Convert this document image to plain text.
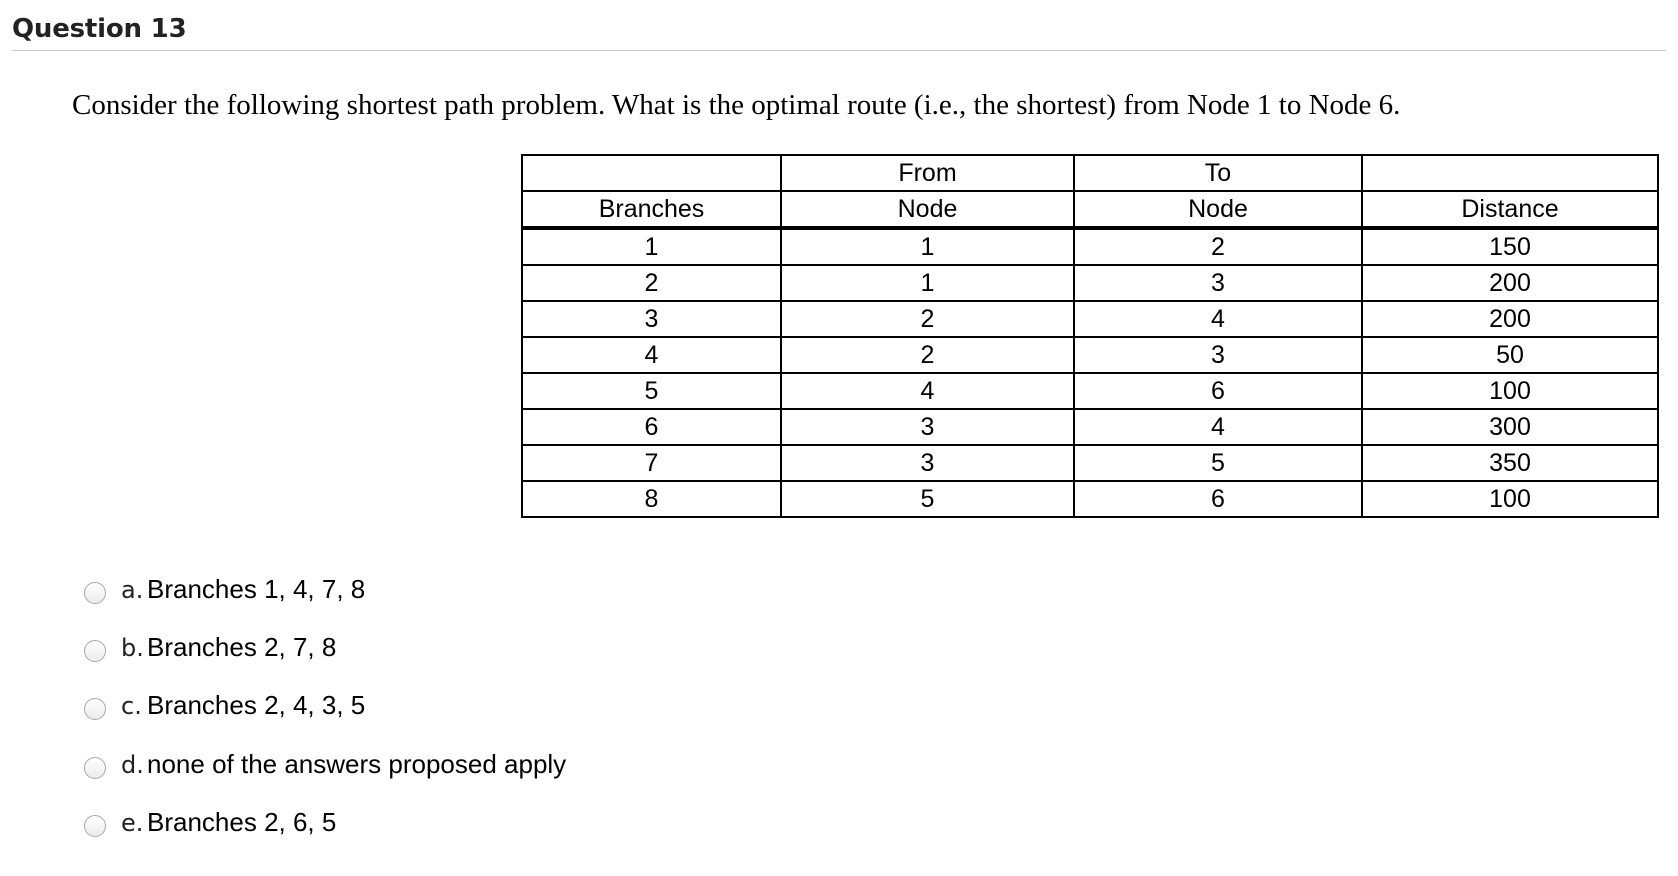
Question 13
Consider the following shortest path problem. What is the optimal route (i.e., the shortest) from Node 1 to Node 6.
	From	To	
Branches	Node	Node	Distance
1	1	2	150
2	1	3	200
3	2	4	200
4	2	3	50
5	4	6	100
6	3	4	300
7	3	5	350
8	5	6	100
a. Branches 1, 4, 7, 8
b. Branches 2, 7, 8
c. Branches 2, 4, 3, 5
d. none of the answers proposed apply
e. Branches 2, 6, 5
